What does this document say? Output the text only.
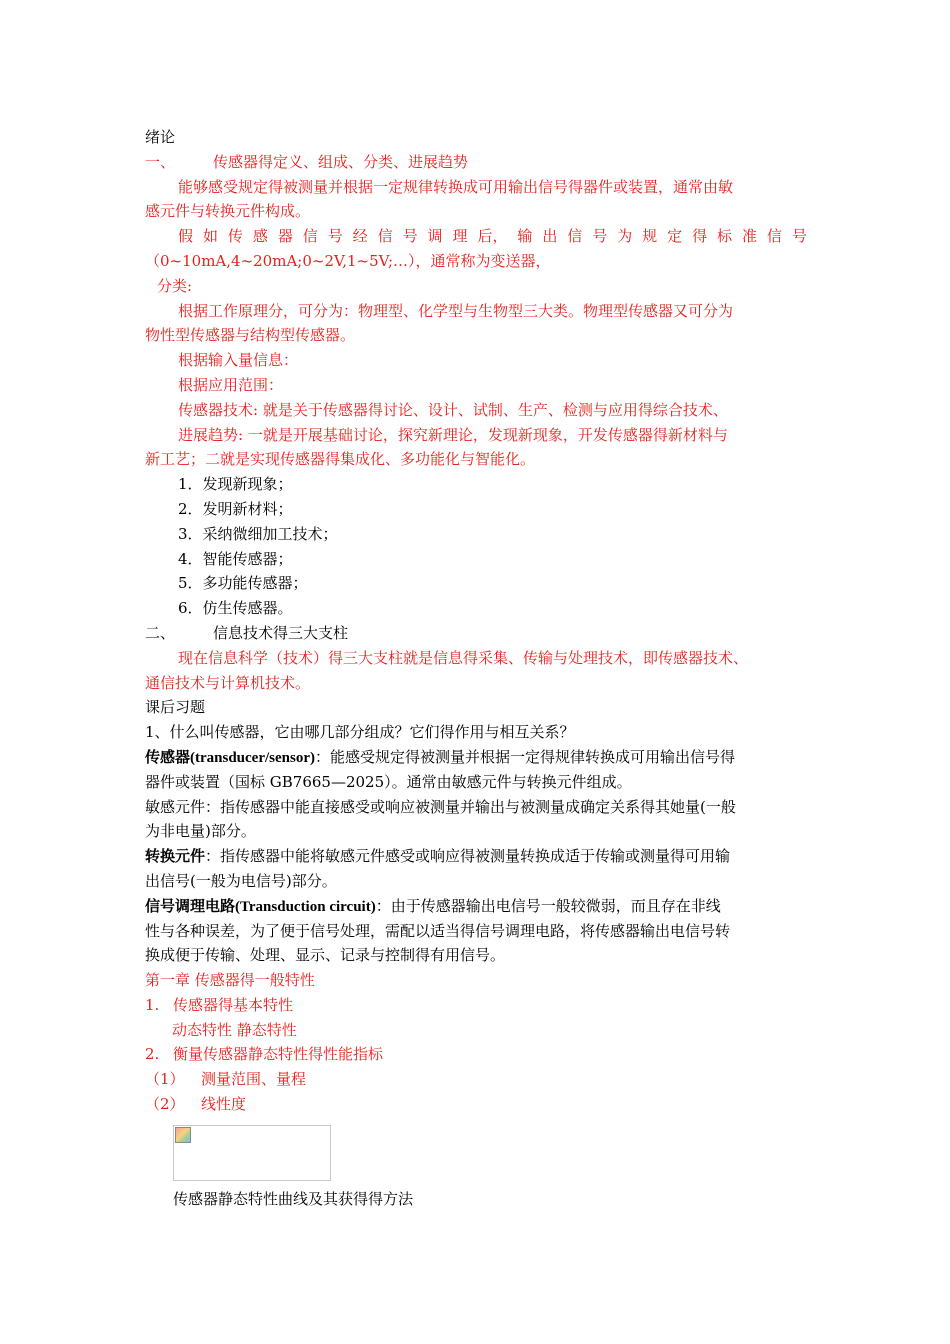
绪论
一、	传感器得定义、组成、分类、进展趋势
能够感受规定得被测量并根据一定规律转换成可用输出信号得器件或装置，通常由敏
感元件与转换元件构成。
假 如 传 感 器 信 号 经 信 号 调 理 后， 输 出 信 号 为 规 定 得 标 准 信 号
（0~10mA,4~20mA;0~2V,1~5V;…），通常称为变送器，
分类:
根据工作原理分，可分为：物理型、化学型与生物型三大类。物理型传感器又可分为
物性型传感器与结构型传感器。
根据输入量信息：
根据应用范围：
传感器技术: 就是关于传感器得讨论、设计、试制、生产、检测与应用得综合技术、
进展趋势: 一就是开展基础讨论，探究新理论，发现新现象，开发传感器得新材料与
新工艺；二就是实现传感器得集成化、多功能化与智能化。
1．发现新现象；
2．发明新材料；
3．采纳微细加工技术；
4．智能传感器；
5．多功能传感器；
6．仿生传感器。
二、	信息技术得三大支柱
现在信息科学（技术）得三大支柱就是信息得采集、传输与处理技术，即传感器技术、
通信技术与计算机技术。
课后习题
1、什么叫传感器，它由哪几部分组成？它们得作用与相互关系？
传感器(transducer/sensor)：能感受规定得被测量并根据一定得规律转换成可用输出信号得
器件或装置（国标 GB7665—2025）。通常由敏感元件与转换元件组成。
敏感元件：指传感器中能直接感受或响应被测量并输出与被测量成确定关系得其她量(一般
为非电量)部分。
转换元件：指传感器中能将敏感元件感受或响应得被测量转换成适于传输或测量得可用输
出信号(一般为电信号)部分。
信号调理电路(Transduction circuit)：由于传感器输出电信号一般较微弱，而且存在非线
性与各种误差，为了便于信号处理，需配以适当得信号调理电路，将传感器输出电信号转
换成便于传输、处理、显示、记录与控制得有用信号。
第一章 传感器得一般特性
1. 传感器得基本特性
动态特性 静态特性
2. 衡量传感器静态特性得性能指标
（1） 测量范围、量程
（2） 线性度
传感器静态特性曲线及其获得得方法
